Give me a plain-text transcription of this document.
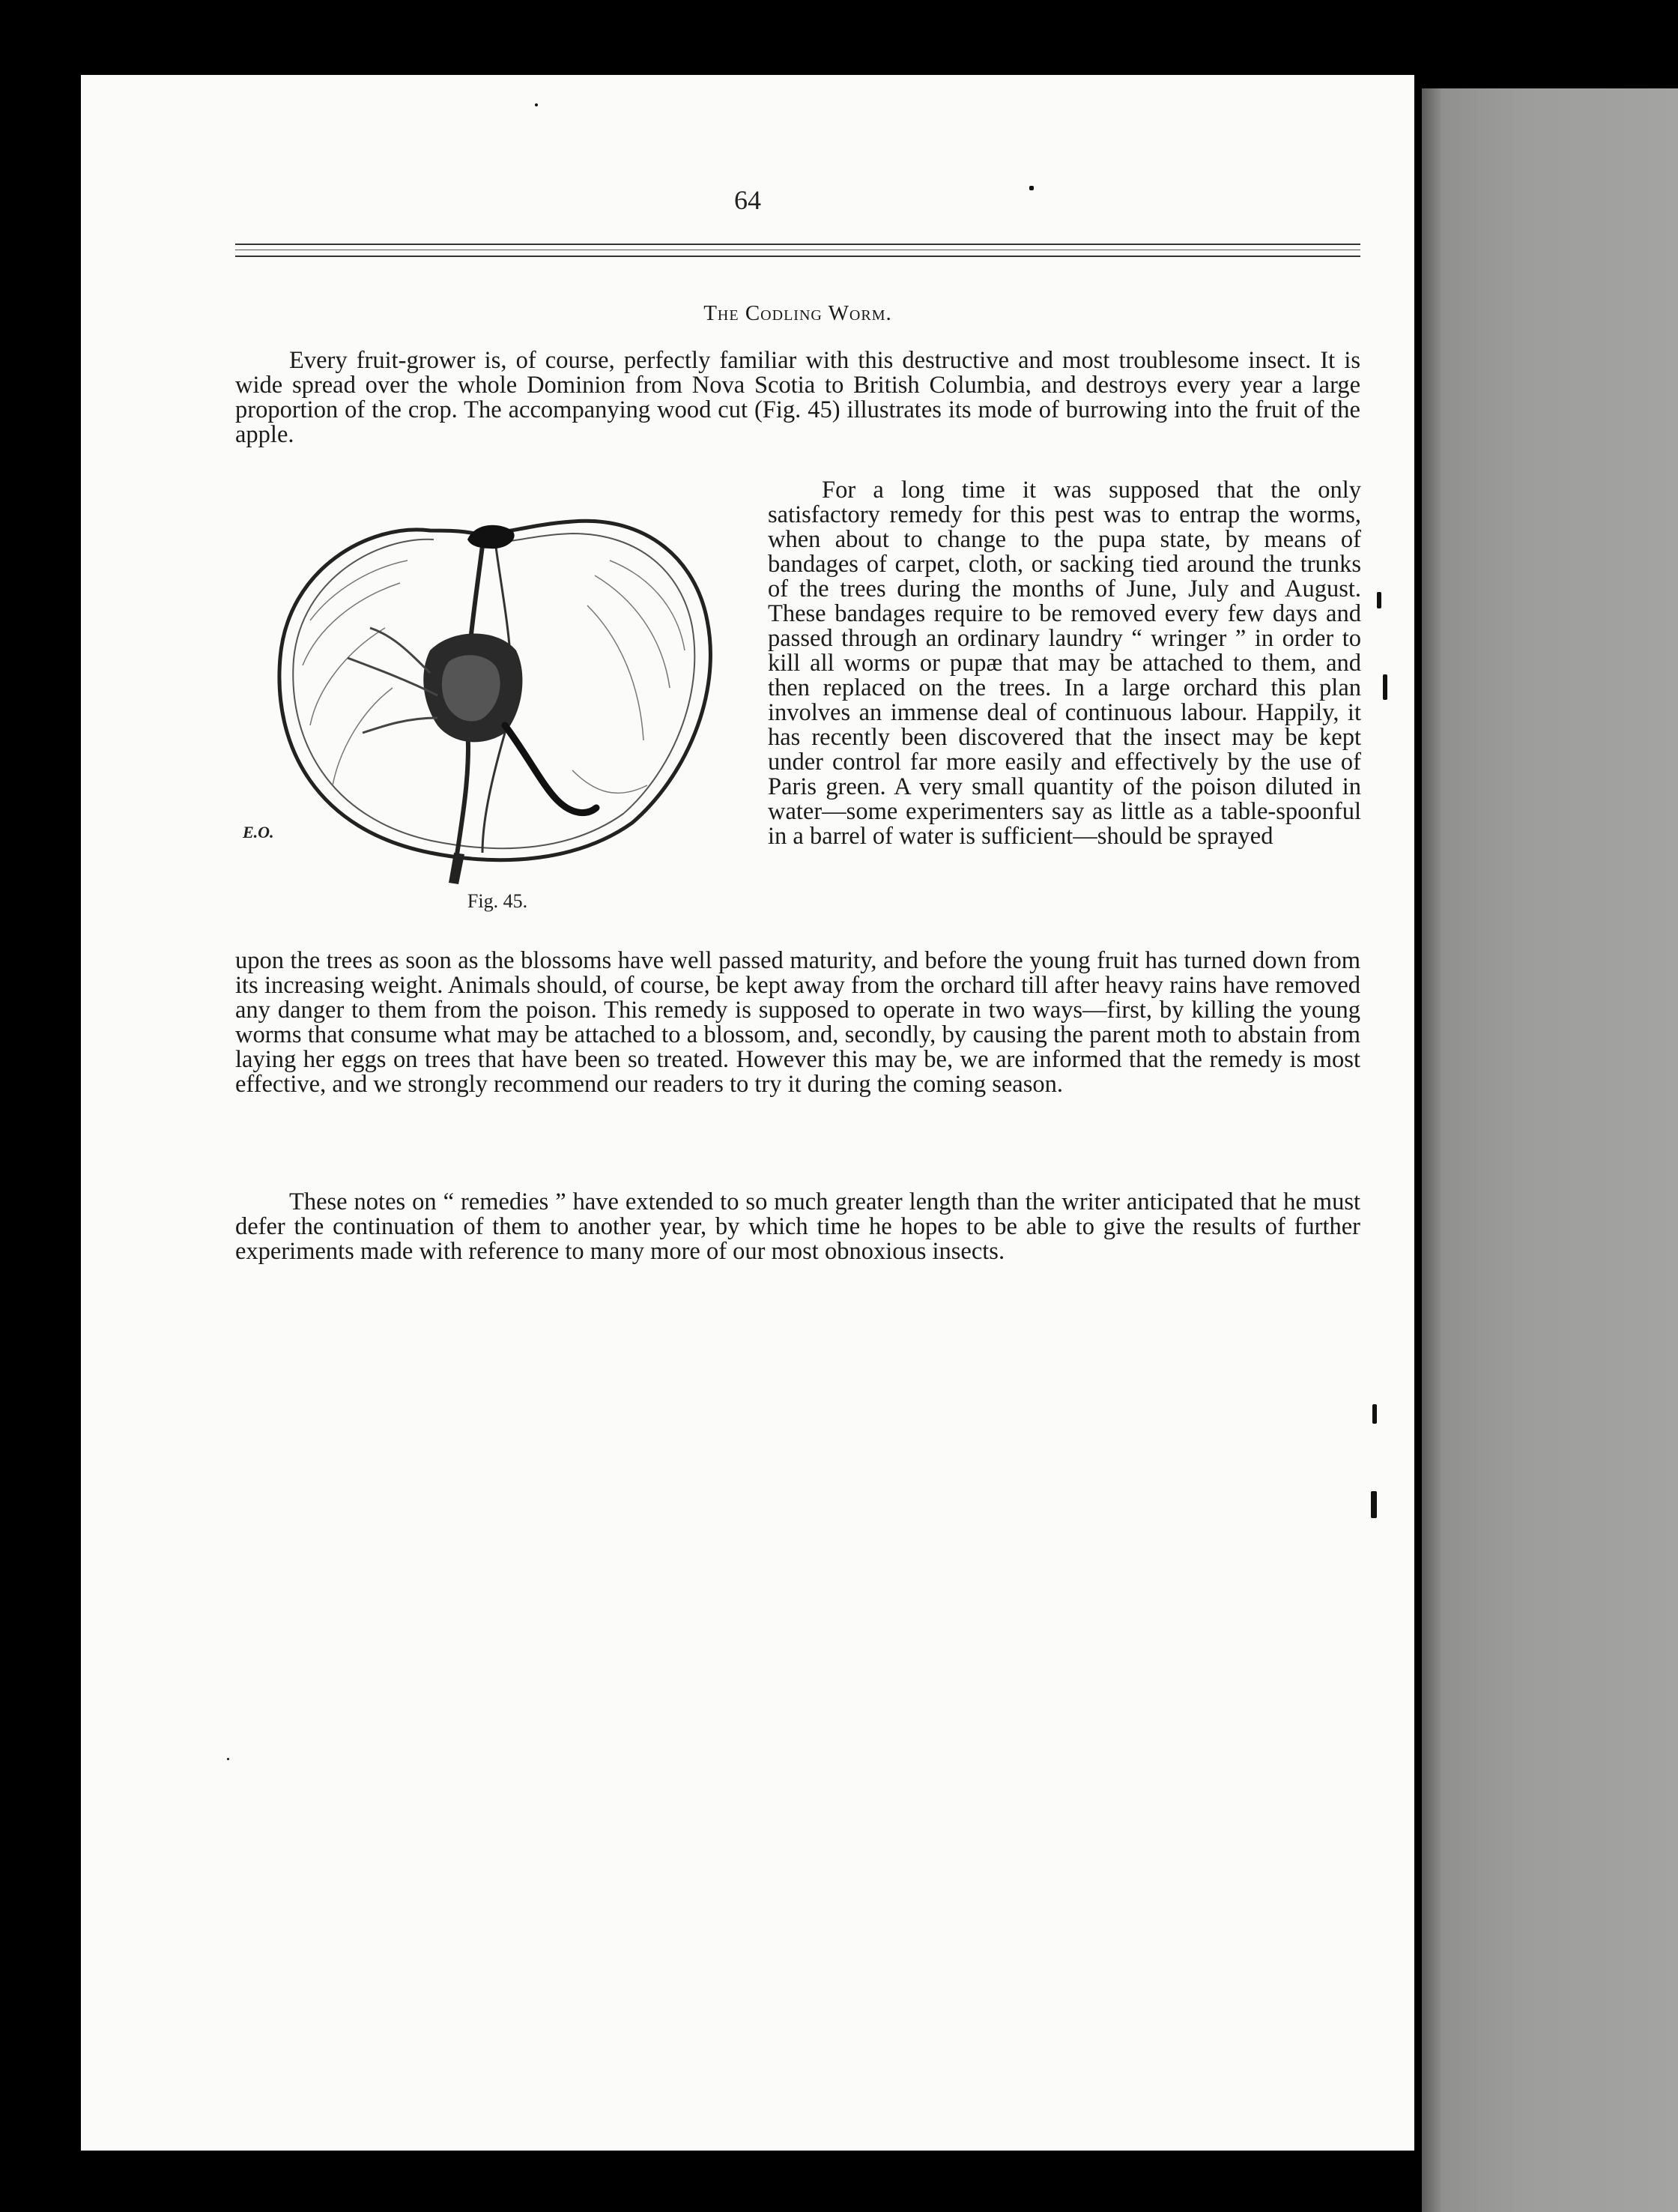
64
The Codling Worm.

Every fruit-grower is, of course, perfectly familiar with this destructive and most troublesome insect. It is wide spread over the whole Dominion from Nova Scotia to British Columbia, and destroys every year a large proportion of the crop. The accompanying wood cut (Fig. 45) illustrates its mode of burrowing into the fruit of the apple.

E.O.
Fig. 45.

For a long time it was supposed that the only satisfactory remedy for this pest was to entrap the worms, when about to change to the pupa state, by means of bandages of carpet, cloth, or sacking tied around the trunks of the trees during the months of June, July and August. These bandages require to be removed every few days and passed through an ordinary laundry “ wringer ” in order to kill all worms or pupæ that may be attached to them, and then replaced on the trees. In a large orchard this plan involves an immense deal of continuous labour. Happily, it has recently been discovered that the insect may be kept under control far more easily and effectively by the use of Paris green. A very small quantity of the poison diluted in water—some experimenters say as little as a table-spoonful in a barrel of water is sufficient—should be sprayed

upon the trees as soon as the blossoms have well passed maturity, and before the young fruit has turned down from its increasing weight. Animals should, of course, be kept away from the orchard till after heavy rains have removed any danger to them from the poison. This remedy is supposed to operate in two ways—first, by killing the young worms that consume what may be attached to a blossom, and, secondly, by causing the parent moth to abstain from laying her eggs on trees that have been so treated. However this may be, we are informed that the remedy is most effective, and we strongly recommend our readers to try it during the coming season.

These notes on “ remedies ” have extended to so much greater length than the writer anticipated that he must defer the continuation of them to another year, by which time he hopes to be able to give the results of further experiments made with reference to many more of our most obnoxious insects.
